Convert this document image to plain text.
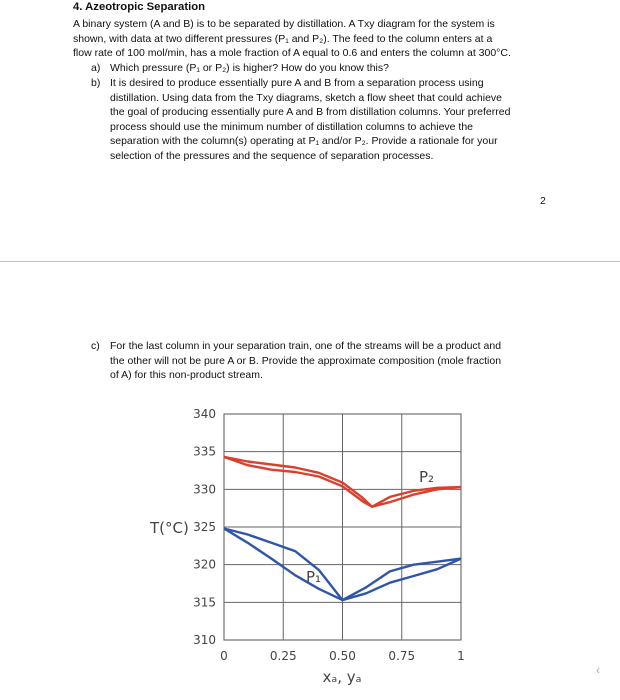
4. Azeotropic Separation
A binary system (A and B) is to be separated by distillation. A Txy diagram for the system is
shown, with data at two different pressures (P₁ and P₂). The feed to the column enters at a
flow rate of 100 mol/min, has a mole fraction of A equal to 0.6 and enters the column at 300°C.
a) Which pressure (P₁ or P₂) is higher? How do you know this?
b) It is desired to produce essentially pure A and B from a separation process using
distillation. Using data from the Txy diagrams, sketch a flow sheet that could achieve
the goal of producing essentially pure A and B from distillation columns. Your preferred
process should use the minimum number of distillation columns to achieve the
separation with the column(s) operating at P₁ and/or P₂. Provide a rationale for your
selection of the pressures and the sequence of separation processes.
2
c) For the last column in your separation train, one of the streams will be a product and
the other will not be pure A or B. Provide the approximate composition (mole fraction
of A) for this non-product stream.
340
335
330
325
320
315
310
0	0.25	0.50	0.75	1
T(°C)
xₐ, yₐ
P₂
P₁
‹
